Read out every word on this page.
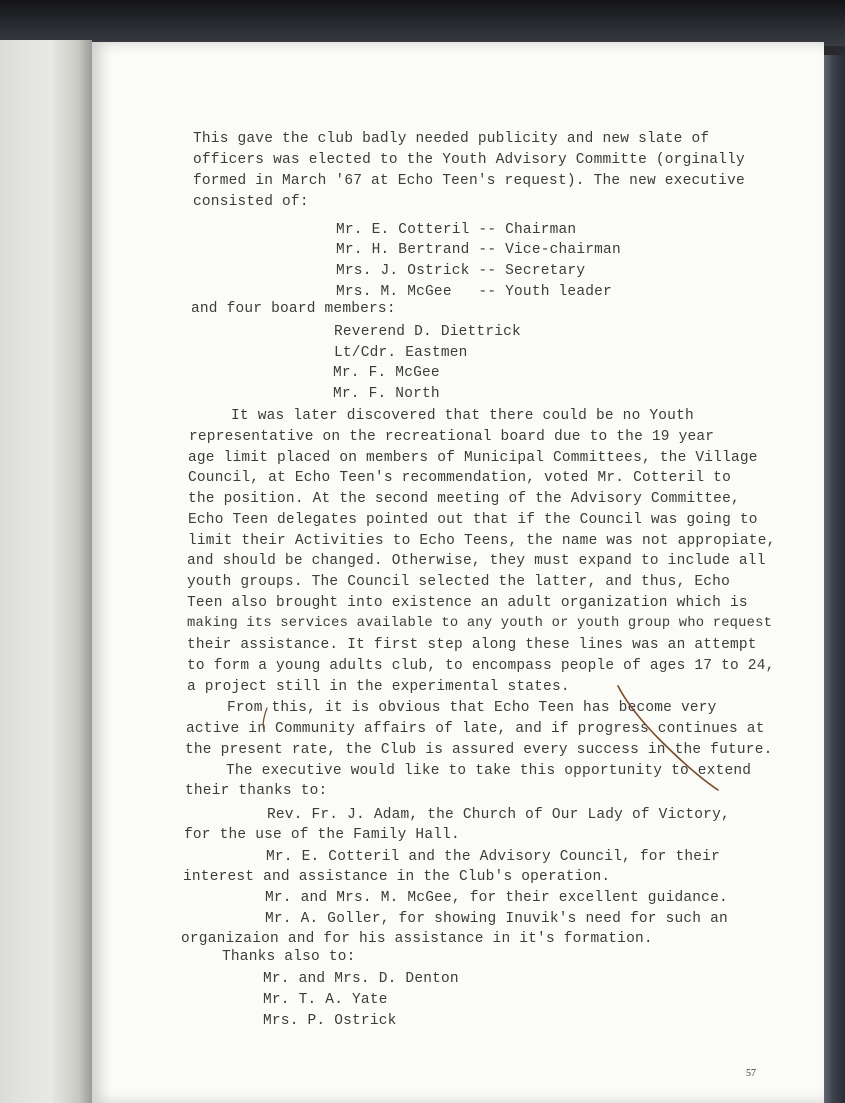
This gave the club badly needed publicity and new slate of
officers was elected to the Youth Advisory Committe (orginally
formed in March '67 at Echo Teen's request). The new executive
consisted of:
Mr. E. Cotteril -- Chairman
Mr. H. Bertrand -- Vice-chairman
Mrs. J. Ostrick -- Secretary
Mrs. M. McGee   -- Youth leader
and four board members:
Reverend D. Diettrick
Lt/Cdr. Eastmen
Mr. F. McGee
Mr. F. North
It was later discovered that there could be no Youth
representative on the recreational board due to the 19 year
age limit placed on members of Municipal Committees, the Village
Council, at Echo Teen's recommendation, voted Mr. Cotteril to
the position. At the second meeting of the Advisory Committee,
Echo Teen delegates pointed out that if the Council was going to
limit their Activities to Echo Teens, the name was not appropiate,
and should be changed. Otherwise, they must expand to include all
youth groups. The Council selected the latter, and thus, Echo
Teen also brought into existence an adult organization which is
making its services available to any youth or youth group who request
their assistance. It first step along these lines was an attempt
to form a young adults club, to encompass people of ages 17 to 24,
a project still in the experimental states.
From this, it is obvious that Echo Teen has become very
active in Community affairs of late, and if progress continues at
the present rate, the Club is assured every success in the future.
The executive would like to take this opportunity to extend
their thanks to:
Rev. Fr. J. Adam, the Church of Our Lady of Victory,
for the use of the Family Hall.
Mr. E. Cotteril and the Advisory Council, for their
interest and assistance in the Club's operation.
Mr. and Mrs. M. McGee, for their excellent guidance.
Mr. A. Goller, for showing Inuvik's need for such an
organizaion and for his assistance in it's formation.
Thanks also to:
Mr. and Mrs. D. Denton
Mr. T. A. Yate
Mrs. P. Ostrick
57
